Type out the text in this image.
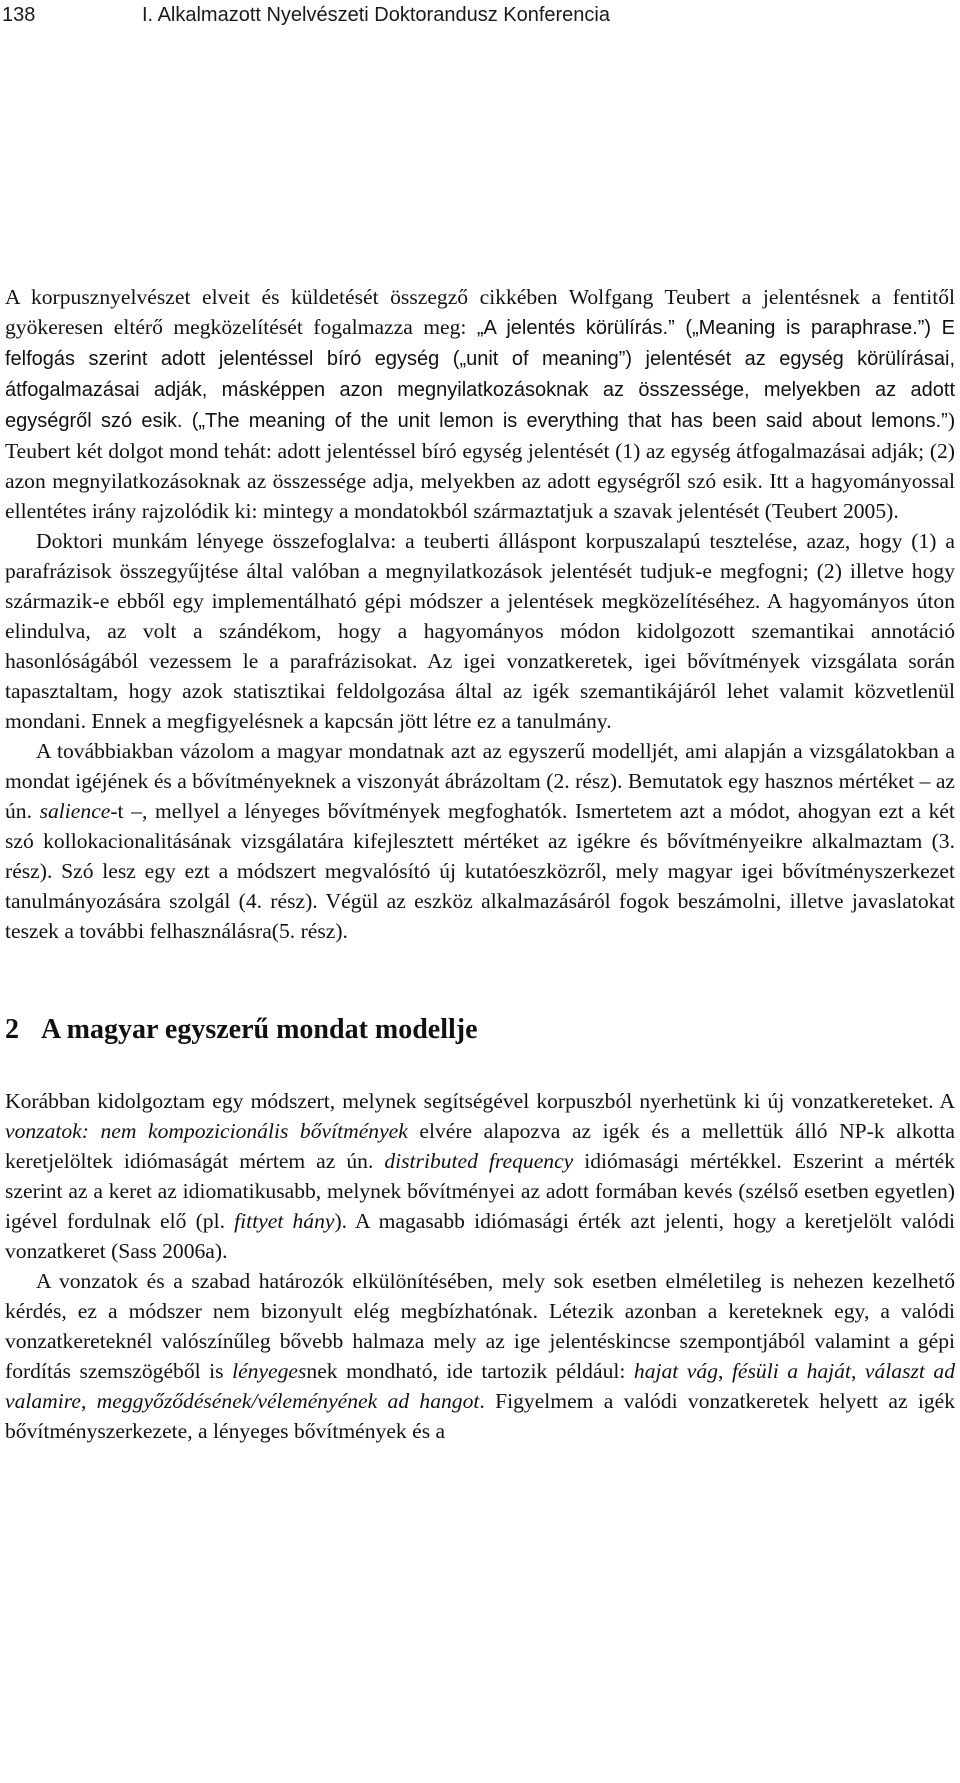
138	I. Alkalmazott Nyelvészeti Doktorandusz Konferencia

A korpusznyelvészet elveit és küldetését összegző cikkében Wolfgang Teubert a jelentésnek a fentitől gyökeresen eltérő megközelítését fogalmazza meg: „A jelentés körülírás.” („Meaning is paraphrase.”) E felfogás szerint adott jelentéssel bíró egység („unit of meaning”) jelentését az egység körülírásai, átfogalmazásai adják, másképpen azon megnyilatkozásoknak az összessége, melyekben az adott egységről szó esik. („The meaning of the unit lemon is everything that has been said about lemons.”) Teubert két dolgot mond tehát: adott jelentéssel bíró egység jelentését (1) az egység átfogalmazásai adják; (2) azon megnyilatkozásoknak az összessége adja, melyekben az adott egységről szó esik. Itt a hagyományossal ellentétes irány rajzolódik ki: mintegy a mondatokból származtatjuk a szavak jelentését (Teubert 2005).

Doktori munkám lényege összefoglalva: a teuberti álláspont korpuszalapú tesztelése, azaz, hogy (1) a parafrázisok összegyűjtése által valóban a megnyilatkozások jelentését tudjuk-e megfogni; (2) illetve hogy származik-e ebből egy implementálható gépi módszer a jelentések megközelítéséhez. A hagyományos úton elindulva, az volt a szándékom, hogy a hagyományos módon kidolgozott szemantikai annotáció hasonlóságából vezessem le a parafrázisokat. Az igei vonzatkeretek, igei bővítmények vizsgálata során tapasztaltam, hogy azok statisztikai feldolgozása által az igék szemantikájáról lehet valamit közvetlenül mondani. Ennek a megfigyelésnek a kapcsán jött létre ez a tanulmány.

A továbbiakban vázolom a magyar mondatnak azt az egyszerű modelljét, ami alapján a vizsgálatokban a mondat igéjének és a bővítményeknek a viszonyát ábrázoltam (2. rész). Bemutatok egy hasznos mértéket – az ún. salience-t –, mellyel a lényeges bővítmények megfoghatók. Ismertetem azt a módot, ahogyan ezt a két szó kollokacionalitásának vizsgálatára kifejlesztett mértéket az igékre és bővítményeikre alkalmaztam (3. rész). Szó lesz egy ezt a módszert megvalósító új kutatóeszközről, mely magyar igei bővítményszerkezet tanulmányozására szolgál (4. rész). Végül az eszköz alkalmazásáról fogok beszámolni, illetve javaslatokat teszek a további felhasználásra(5. rész).

2 A magyar egyszerű mondat modellje

Korábban kidolgoztam egy módszert, melynek segítségével korpuszból nyerhetünk ki új vonzatkereteket. A vonzatok: nem kompozicionális bővítmények elvére alapozva az igék és a mellettük álló NP-k alkotta keretjelöltek idiómaságát mértem az ún. distributed frequency idiómasági mértékkel. Eszerint a mérték szerint az a keret az idiomatikusabb, melynek bővítményei az adott formában kevés (szélső esetben egyetlen) igével fordulnak elő (pl. fittyet hány). A magasabb idiómasági érték azt jelenti, hogy a keretjelölt valódi vonzatkeret (Sass 2006a).

A vonzatok és a szabad határozók elkülönítésében, mely sok esetben elméletileg is nehezen kezelhető kérdés, ez a módszer nem bizonyult elég megbízhatónak. Létezik azonban a kereteknek egy, a valódi vonzatkereteknél valószínűleg bővebb halmaza mely az ige jelentéskincse szempontjából valamint a gépi fordítás szemszögéből is lényegesnek mondható, ide tartozik például: hajat vág, fésüli a haját, választ ad valamire, meggyőződésének/véleményének ad hangot. Figyelmem a valódi vonzatkeretek helyett az igék bővítményszerkezete, a lényeges bővítmények és a
